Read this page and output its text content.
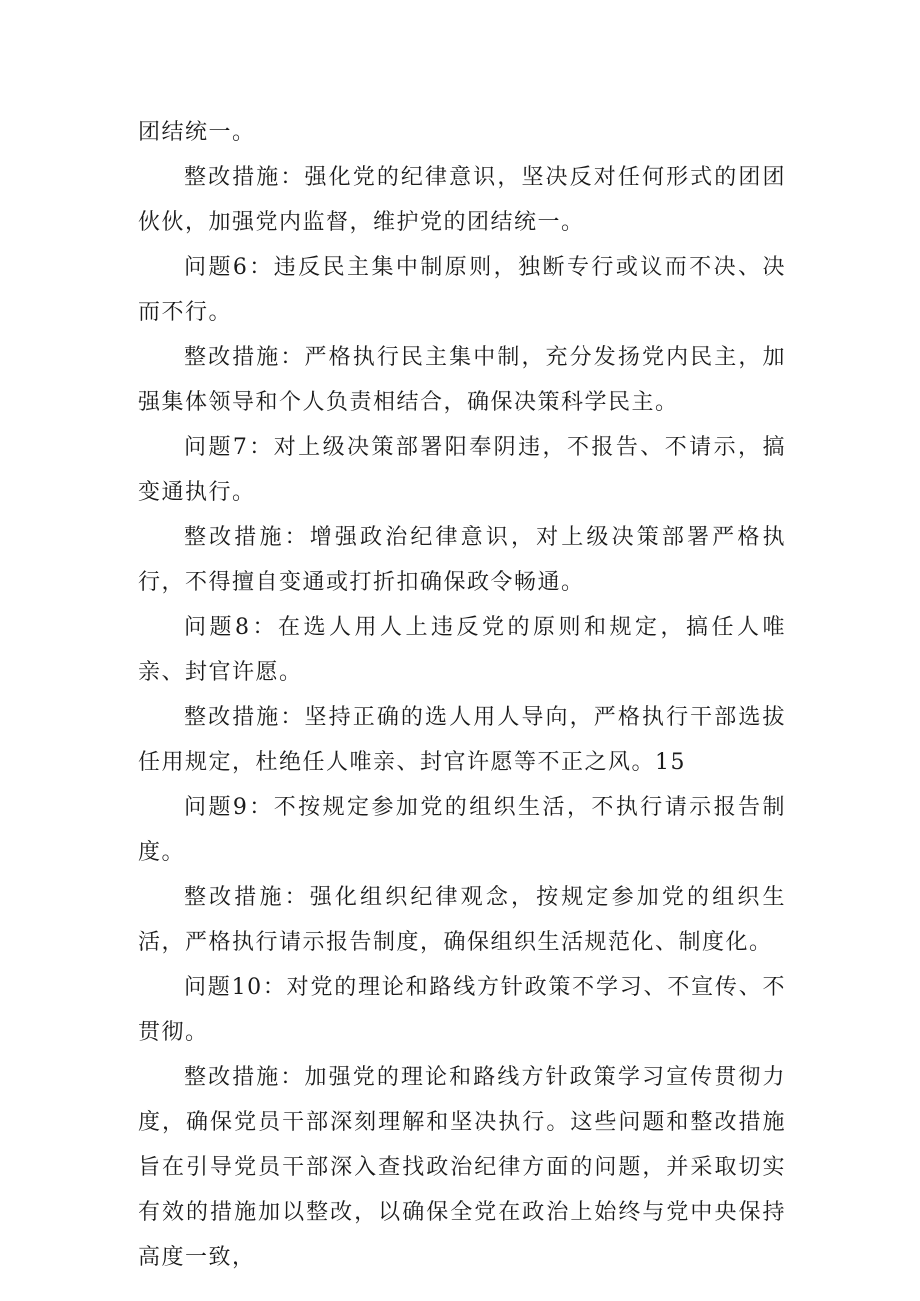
团结统一。

整改措施：强化党的纪律意识，坚决反对任何形式的团团伙伙，加强党内监督，维护党的团结统一。

问题6：违反民主集中制原则，独断专行或议而不决、决而不行。

整改措施：严格执行民主集中制，充分发扬党内民主，加强集体领导和个人负责相结合，确保决策科学民主。

问题7：对上级决策部署阳奉阴违，不报告、不请示，搞变通执行。

整改措施：增强政治纪律意识，对上级决策部署严格执行，不得擅自变通或打折扣确保政令畅通。

问题8：在选人用人上违反党的原则和规定，搞任人唯亲、封官许愿。

整改措施：坚持正确的选人用人导向，严格执行干部选拔任用规定，杜绝任人唯亲、封官许愿等不正之风。15

问题9：不按规定参加党的组织生活，不执行请示报告制度。

整改措施：强化组织纪律观念，按规定参加党的组织生活，严格执行请示报告制度，确保组织生活规范化、制度化。

问题10：对党的理论和路线方针政策不学习、不宣传、不贯彻。

整改措施：加强党的理论和路线方针政策学习宣传贯彻力度，确保党员干部深刻理解和坚决执行。这些问题和整改措施旨在引导党员干部深入查找政治纪律方面的问题，并采取切实有效的措施加以整改，以确保全党在政治上始终与党中央保持高度一致，
